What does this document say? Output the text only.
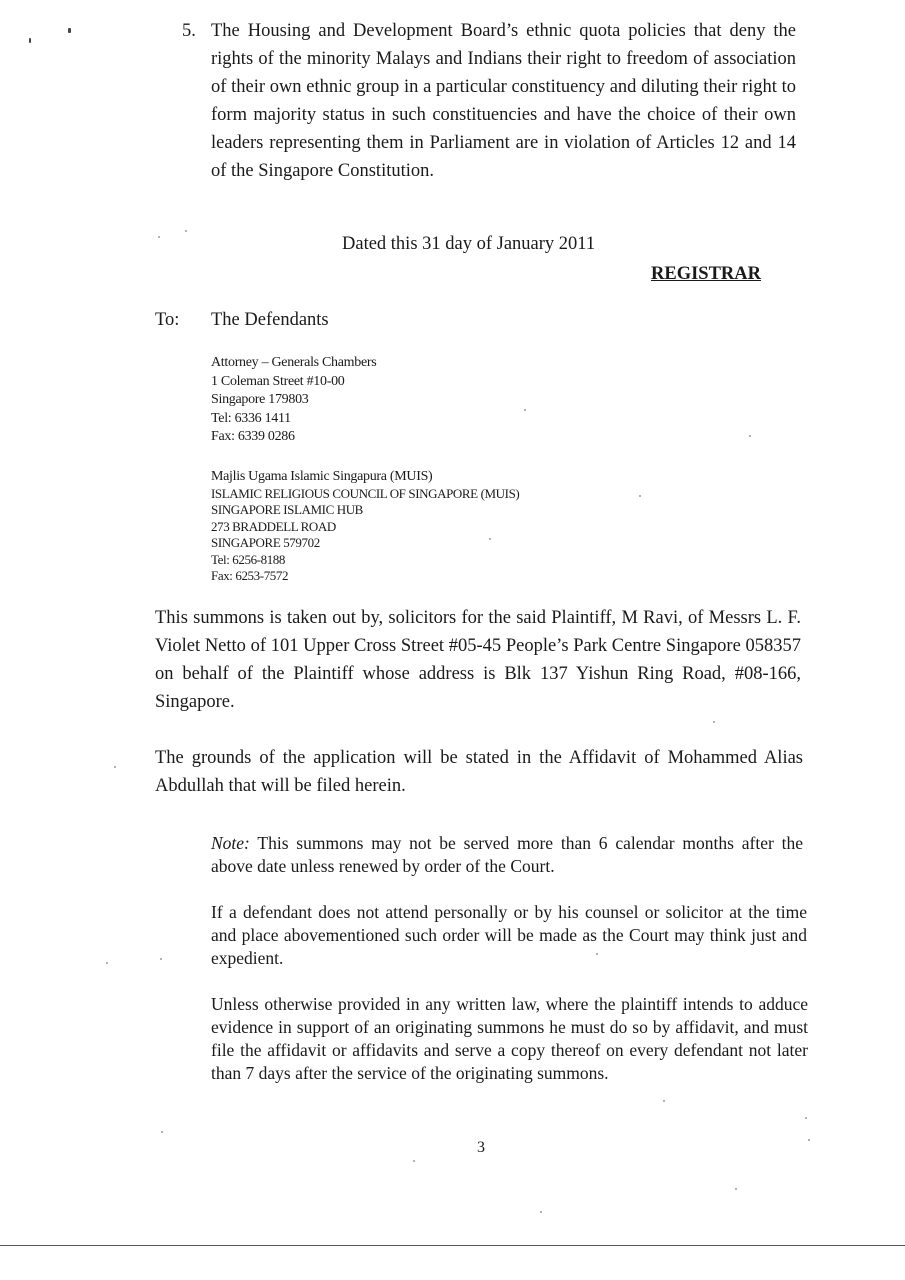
5. The Housing and Development Board’s ethnic quota policies that deny the rights of the minority Malays and Indians their right to freedom of association of their own ethnic group in a particular constituency and diluting their right to form majority status in such constituencies and have the choice of their own leaders representing them in Parliament are in violation of Articles 12 and 14 of the Singapore Constitution.
Dated this 31 day of January 2011
REGISTRAR
To: The Defendants
Attorney – Generals Chambers
1 Coleman Street #10-00
Singapore 179803
Tel: 6336 1411
Fax: 6339 0286
Majlis Ugama Islamic Singapura (MUIS)
ISLAMIC RELIGIOUS COUNCIL OF SINGAPORE (MUIS)
SINGAPORE ISLAMIC HUB
273 BRADDELL ROAD
SINGAPORE 579702
Tel: 6256-8188
Fax: 6253-7572
This summons is taken out by, solicitors for the said Plaintiff, M Ravi, of Messrs L. F. Violet Netto of 101 Upper Cross Street #05-45 People’s Park Centre Singapore 058357 on behalf of the Plaintiff whose address is Blk 137 Yishun Ring Road, #08-166, Singapore.
The grounds of the application will be stated in the Affidavit of Mohammed Alias Abdullah that will be filed herein.
Note: This summons may not be served more than 6 calendar months after the above date unless renewed by order of the Court.
If a defendant does not attend personally or by his counsel or solicitor at the time and place abovementioned such order will be made as the Court may think just and expedient.
Unless otherwise provided in any written law, where the plaintiff intends to adduce evidence in support of an originating summons he must do so by affidavit, and must file the affidavit or affidavits and serve a copy thereof on every defendant not later than 7 days after the service of the originating summons.
3
